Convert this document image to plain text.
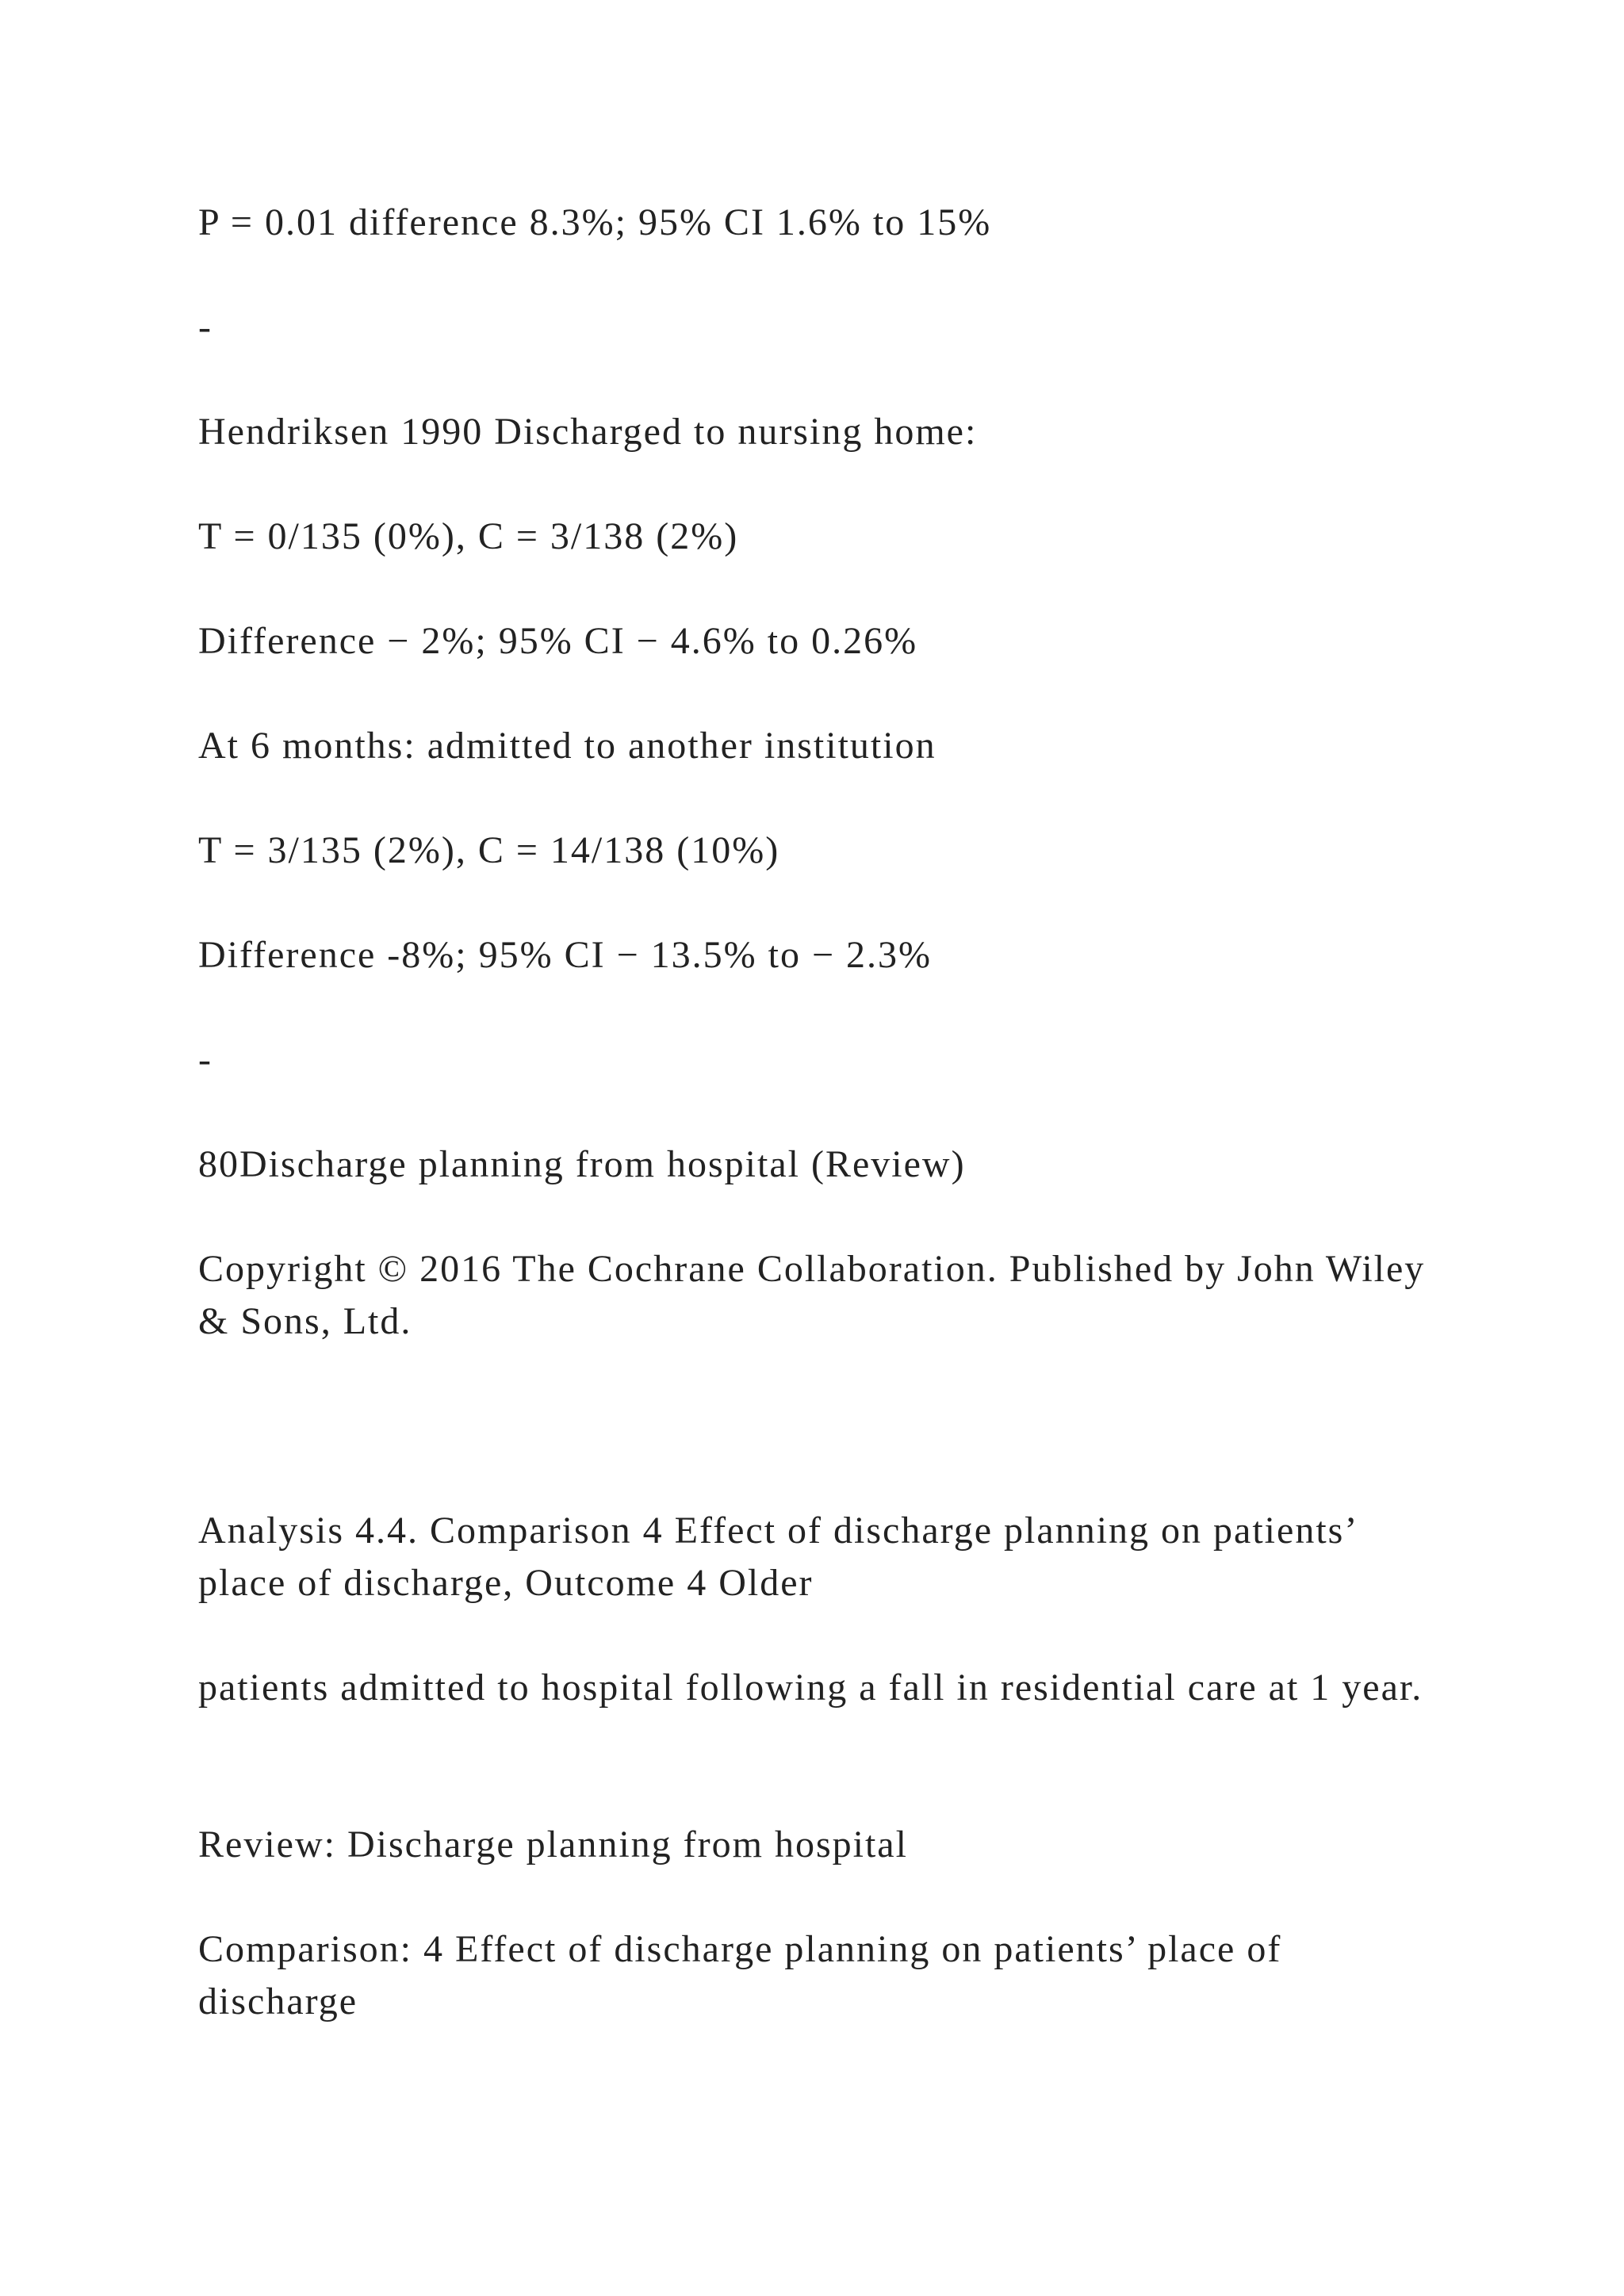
P = 0.01 difference 8.3%; 95% CI 1.6% to 15%

-

Hendriksen 1990 Discharged to nursing home:

T = 0/135 (0%), C = 3/138 (2%)

Difference − 2%; 95% CI − 4.6% to 0.26%

At 6 months: admitted to another institution

T = 3/135 (2%), C = 14/138 (10%)

Difference -8%; 95% CI − 13.5% to − 2.3%

-

80Discharge planning from hospital (Review)

Copyright © 2016 The Cochrane Collaboration. Published by John Wiley & Sons, Ltd.

Analysis 4.4. Comparison 4 Effect of discharge planning on patients’ place of discharge, Outcome 4 Older

patients admitted to hospital following a fall in residential care at 1 year.

Review: Discharge planning from hospital

Comparison: 4 Effect of discharge planning on patients’ place of discharge
